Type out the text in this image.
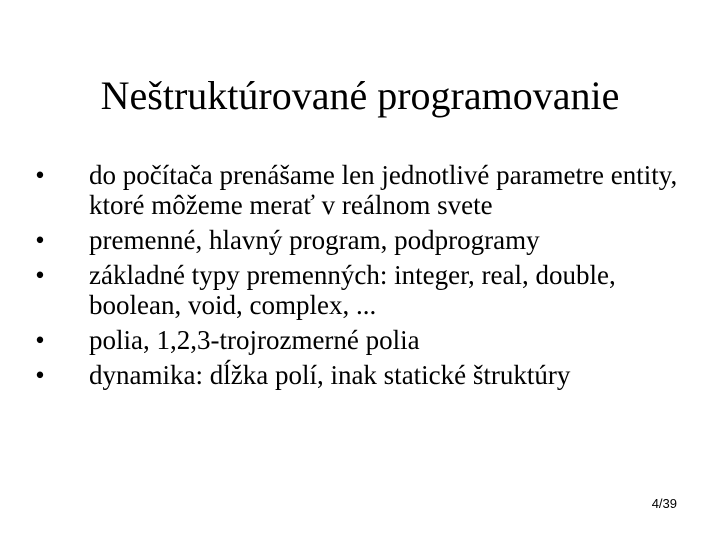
Neštruktúrované programovanie
• do počítača prenášame len jednotlivé parametre entity, ktoré môžeme merať v reálnom svete
• premenné, hlavný program, podprogramy
• základné typy premenných: integer, real, double, boolean, void, complex, ...
• polia, 1,2,3-trojrozmerné polia
• dynamika: dĺžka polí, inak statické štruktúry
4/39
